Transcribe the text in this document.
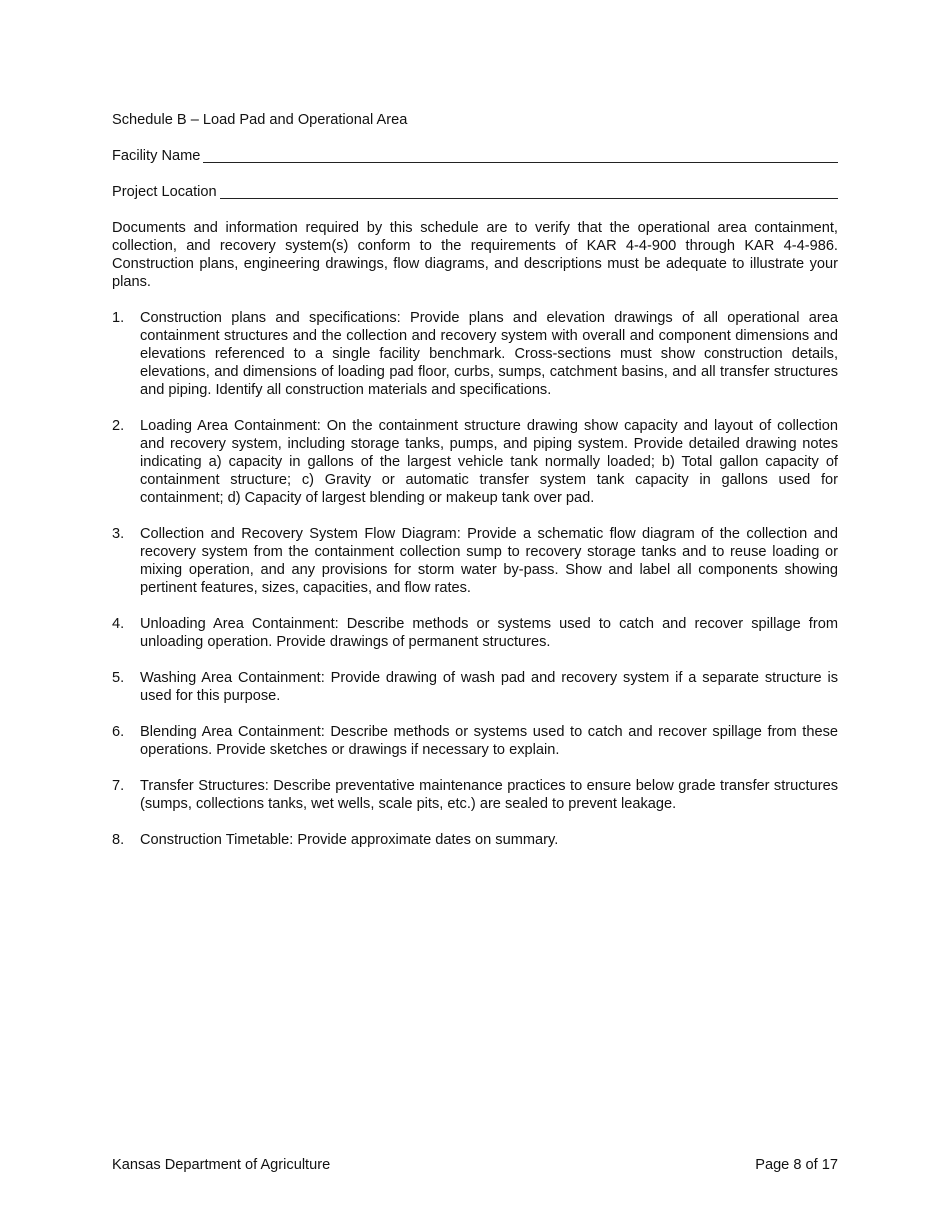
Schedule B – Load Pad and Operational Area
Facility Name
Project Location

Documents and information required by this schedule are to verify that the operational area containment, collection, and recovery system(s) conform to the requirements of KAR 4-4-900 through KAR 4-4-986. Construction plans, engineering drawings, flow diagrams, and descriptions must be adequate to illustrate your plans.

1.	Construction plans and specifications: Provide plans and elevation drawings of all operational area containment structures and the collection and recovery system with overall and component dimensions and elevations referenced to a single facility benchmark. Cross-sections must show construction details, elevations, and dimensions of loading pad floor, curbs, sumps, catchment basins, and all transfer structures and piping. Identify all construction materials and specifications.
2.	Loading Area Containment: On the containment structure drawing show capacity and layout of collection and recovery system, including storage tanks, pumps, and piping system. Provide detailed drawing notes indicating a) capacity in gallons of the largest vehicle tank normally loaded; b) Total gallon capacity of containment structure; c) Gravity or automatic transfer system tank capacity in gallons used for containment; d) Capacity of largest blending or makeup tank over pad.
3.	Collection and Recovery System Flow Diagram: Provide a schematic flow diagram of the collection and recovery system from the containment collection sump to recovery storage tanks and to reuse loading or mixing operation, and any provisions for storm water by-pass. Show and label all components showing pertinent features, sizes, capacities, and flow rates.
4.	Unloading Area Containment: Describe methods or systems used to catch and recover spillage from unloading operation. Provide drawings of permanent structures.
5.	Washing Area Containment: Provide drawing of wash pad and recovery system if a separate structure is used for this purpose.
6.	Blending Area Containment: Describe methods or systems used to catch and recover spillage from these operations. Provide sketches or drawings if necessary to explain.
7.	Transfer Structures: Describe preventative maintenance practices to ensure below grade transfer structures (sumps, collections tanks, wet wells, scale pits, etc.) are sealed to prevent leakage.
8.	Construction Timetable: Provide approximate dates on summary.
Kansas Department of Agriculture	Page 8 of 17
